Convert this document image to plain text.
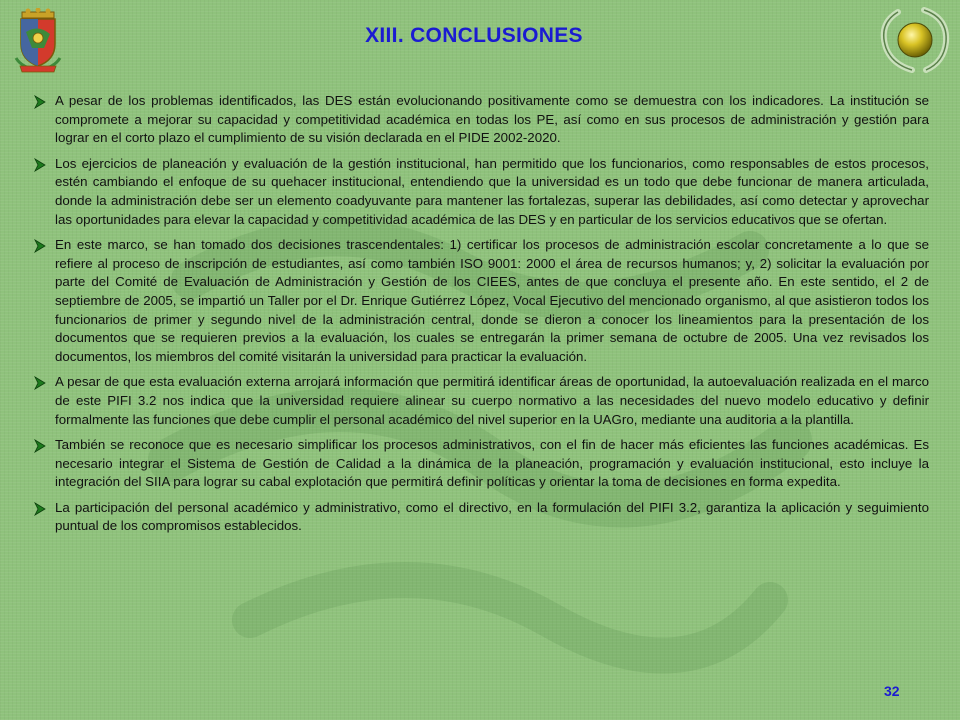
XIII. CONCLUSIONES

A pesar de los problemas identificados, las DES están evolucionando positivamente como se demuestra con los indicadores. La institución se compromete a mejorar su capacidad y competitividad académica en todas los PE, así como en sus procesos de administración y gestión para lograr en el corto plazo el cumplimiento de su visión declarada en el PIDE 2002-2020.

Los ejercicios de planeación y evaluación de la gestión institucional, han permitido que los funcionarios, como responsables de estos procesos, estén cambiando el enfoque de su quehacer institucional, entendiendo que la universidad es un todo que debe funcionar de manera articulada, donde la administración debe ser un elemento coadyuvante para mantener las fortalezas, superar las debilidades, así como detectar y aprovechar las oportunidades para elevar la capacidad y competitividad académica de las DES y en particular de los servicios educativos que se ofertan.

En este marco, se han tomado dos decisiones trascendentales: 1) certificar los procesos de administración escolar concretamente a lo que se refiere al proceso de inscripción de estudiantes, así como también ISO 9001: 2000 el área de recursos humanos; y, 2) solicitar la evaluación por parte del Comité de Evaluación de Administración y Gestión de los CIEES, antes de que concluya el presente año. En este sentido, el 2 de septiembre de 2005, se impartió un Taller por el Dr. Enrique Gutiérrez López, Vocal Ejecutivo del mencionado organismo, al que asistieron todos los funcionarios de primer y segundo nivel de la administración central, donde se dieron a conocer los lineamientos para la presentación de los documentos que se requieren previos a la evaluación, los cuales se entregarán la primer semana de octubre de 2005. Una vez revisados los documentos, los miembros del comité visitarán la universidad para practicar la evaluación.

A pesar de que esta evaluación externa arrojará información que permitirá identificar áreas de oportunidad, la autoevaluación realizada en el marco de este PIFI 3.2 nos indica que la universidad requiere alinear su cuerpo normativo a las necesidades del nuevo modelo educativo y definir formalmente las funciones que debe cumplir el personal académico del nivel superior en la UAGro, mediante una auditoria a la plantilla.

También se reconoce que es necesario simplificar los procesos administrativos, con el fin de hacer más eficientes las funciones académicas. Es necesario integrar el Sistema de Gestión de Calidad a la dinámica de la planeación, programación y evaluación institucional, esto incluye la integración del SIIA para lograr su cabal explotación que permitirá definir políticas y orientar la toma de decisiones en forma expedita.

La participación del personal académico y administrativo, como el directivo, en la formulación del PIFI 3.2, garantiza la aplicación y seguimiento puntual de los compromisos establecidos.

32
